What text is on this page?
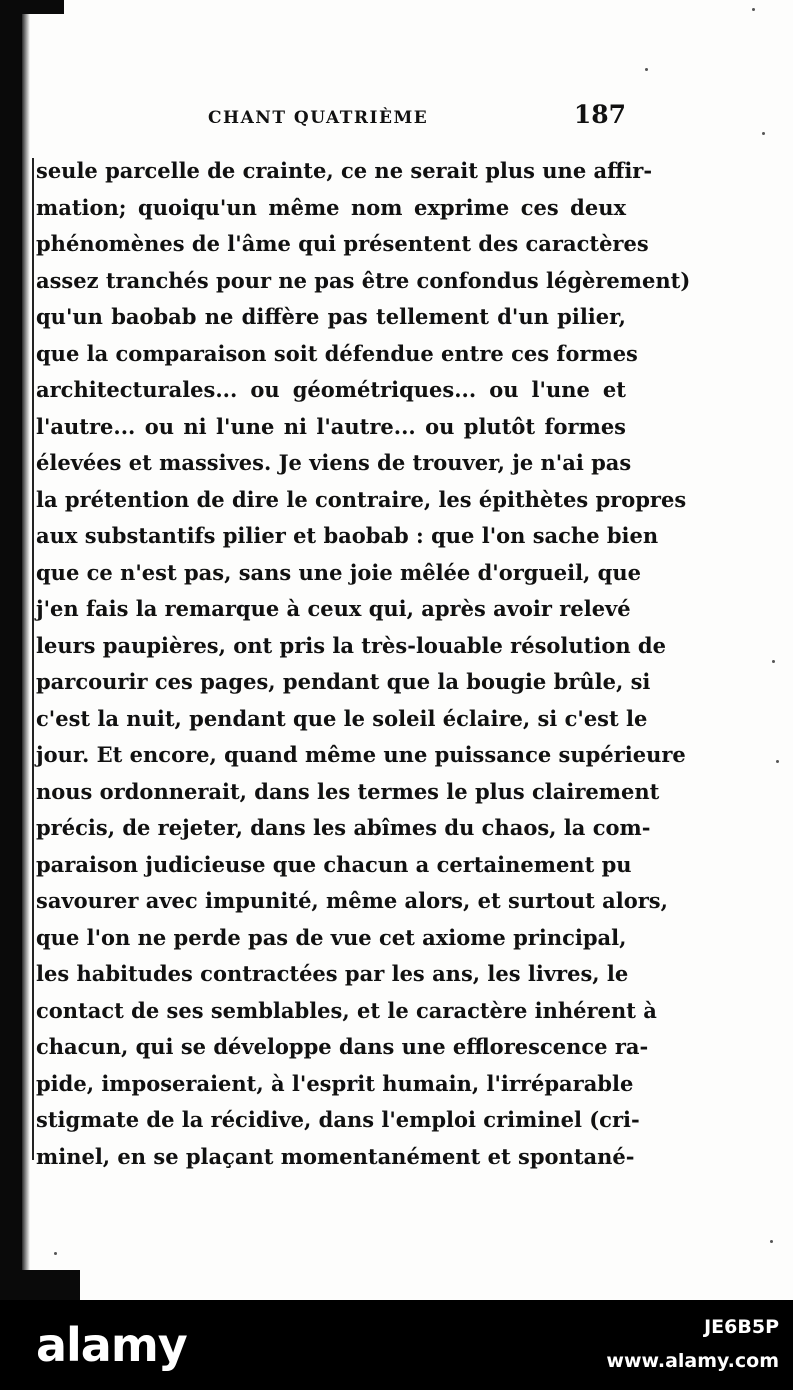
CHANT QUATRIÈME	187
seule parcelle de crainte, ce ne serait plus une affir-
mation; quoiqu'un même nom exprime ces deux
phénomènes de l'âme qui présentent des caractères
assez tranchés pour ne pas être confondus légèrement)
qu'un baobab ne diffère pas tellement d'un pilier,
que la comparaison soit défendue entre ces formes
architecturales... ou géométriques... ou l'une et
l'autre... ou ni l'une ni l'autre... ou plutôt formes
élevées et massives. Je viens de trouver, je n'ai pas
la prétention de dire le contraire, les épithètes propres
aux substantifs pilier et baobab : que l'on sache bien
que ce n'est pas, sans une joie mêlée d'orgueil, que
j'en fais la remarque à ceux qui, après avoir relevé
leurs paupières, ont pris la très-louable résolution de
parcourir ces pages, pendant que la bougie brûle, si
c'est la nuit, pendant que le soleil éclaire, si c'est le
jour. Et encore, quand même une puissance supérieure
nous ordonnerait, dans les termes le plus clairement
précis, de rejeter, dans les abîmes du chaos, la com-
paraison judicieuse que chacun a certainement pu
savourer avec impunité, même alors, et surtout alors,
que l'on ne perde pas de vue cet axiome principal,
les habitudes contractées par les ans, les livres, le
contact de ses semblables, et le caractère inhérent à
chacun, qui se développe dans une efflorescence ra-
pide, imposeraient, à l'esprit humain, l'irréparable
stigmate de la récidive, dans l'emploi criminel (cri-
minel, en se plaçant momentanément et spontané-
alamy	JE6B5P
www.alamy.com
